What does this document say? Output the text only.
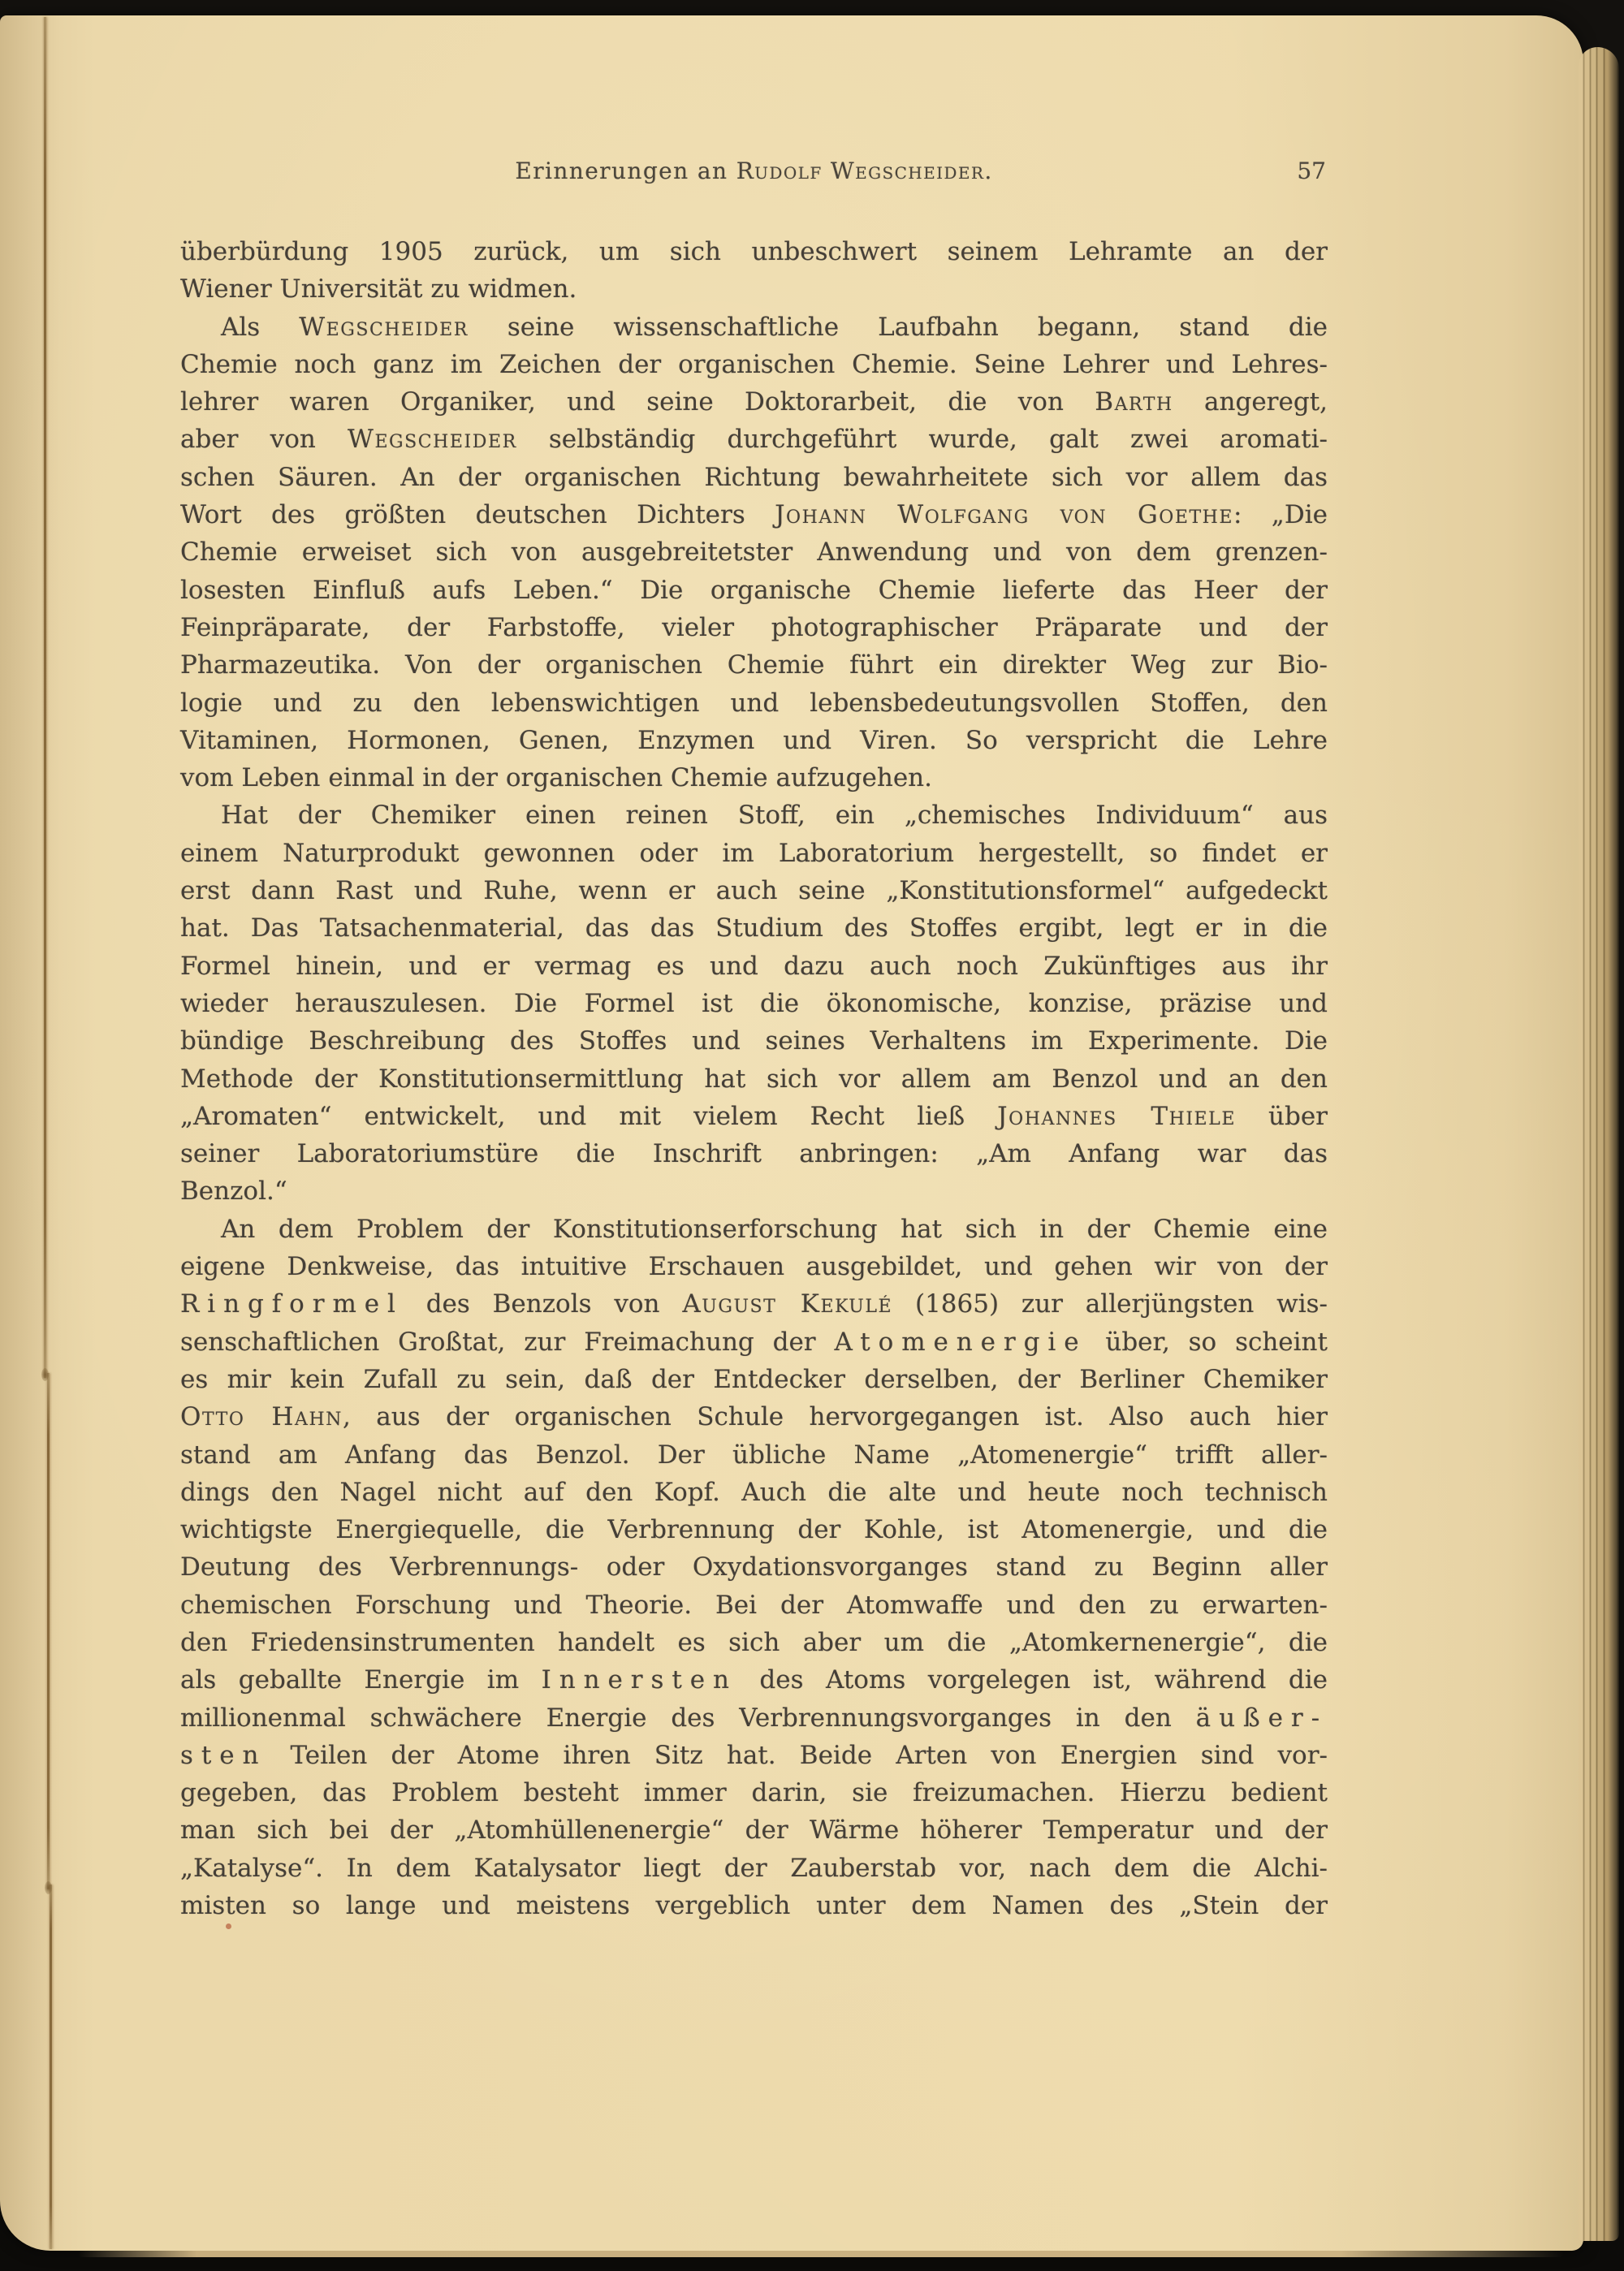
Erinnerungen an Rudolf Wegscheider.	57
überbürdung 1905 zurück, um sich unbeschwert seinem Lehramte an der
Wiener Universität zu widmen.
Als Wegscheider seine wissenschaftliche Laufbahn begann, stand die
Chemie noch ganz im Zeichen der organischen Chemie. Seine Lehrer und Lehres-
lehrer waren Organiker, und seine Doktorarbeit, die von Barth angeregt,
aber von Wegscheider selbständig durchgeführt wurde, galt zwei aromati-
schen Säuren. An der organischen Richtung bewahrheitete sich vor allem das
Wort des größten deutschen Dichters Johann Wolfgang von Goethe: „Die
Chemie erweiset sich von ausgebreitetster Anwendung und von dem grenzen-
losesten Einfluß aufs Leben.“ Die organische Chemie lieferte das Heer der
Feinpräparate, der Farbstoffe, vieler photographischer Präparate und der
Pharmazeutika. Von der organischen Chemie führt ein direkter Weg zur Bio-
logie und zu den lebenswichtigen und lebensbedeutungsvollen Stoffen, den
Vitaminen, Hormonen, Genen, Enzymen und Viren. So verspricht die Lehre
vom Leben einmal in der organischen Chemie aufzugehen.
Hat der Chemiker einen reinen Stoff, ein „chemisches Individuum“ aus
einem Naturprodukt gewonnen oder im Laboratorium hergestellt, so findet er
erst dann Rast und Ruhe, wenn er auch seine „Konstitutionsformel“ aufgedeckt
hat. Das Tatsachenmaterial, das das Studium des Stoffes ergibt, legt er in die
Formel hinein, und er vermag es und dazu auch noch Zukünftiges aus ihr
wieder herauszulesen. Die Formel ist die ökonomische, konzise, präzise und
bündige Beschreibung des Stoffes und seines Verhaltens im Experimente. Die
Methode der Konstitutionsermittlung hat sich vor allem am Benzol und an den
„Aromaten“ entwickelt, und mit vielem Recht ließ Johannes Thiele über
seiner Laboratoriumstüre die Inschrift anbringen: „Am Anfang war das
Benzol.“
An dem Problem der Konstitutionserforschung hat sich in der Chemie eine
eigene Denkweise, das intuitive Erschauen ausgebildet, und gehen wir von der
Ringformel des Benzols von August Kekulé (1865) zur allerjüngsten wis-
senschaftlichen Großtat, zur Freimachung der Atomenergie über, so scheint
es mir kein Zufall zu sein, daß der Entdecker derselben, der Berliner Chemiker
Otto Hahn, aus der organischen Schule hervorgegangen ist. Also auch hier
stand am Anfang das Benzol. Der übliche Name „Atomenergie“ trifft aller-
dings den Nagel nicht auf den Kopf. Auch die alte und heute noch technisch
wichtigste Energiequelle, die Verbrennung der Kohle, ist Atomenergie, und die
Deutung des Verbrennungs- oder Oxydationsvorganges stand zu Beginn aller
chemischen Forschung und Theorie. Bei der Atomwaffe und den zu erwarten-
den Friedensinstrumenten handelt es sich aber um die „Atomkernenergie“, die
als geballte Energie im Innersten des Atoms vorgelegen ist, während die
millionenmal schwächere Energie des Verbrennungsvorganges in den äußer-
sten Teilen der Atome ihren Sitz hat. Beide Arten von Energien sind vor-
gegeben, das Problem besteht immer darin, sie freizumachen. Hierzu bedient
man sich bei der „Atomhüllenenergie“ der Wärme höherer Temperatur und der
„Katalyse“. In dem Katalysator liegt der Zauberstab vor, nach dem die Alchi-
misten so lange und meistens vergeblich unter dem Namen des „Stein der
